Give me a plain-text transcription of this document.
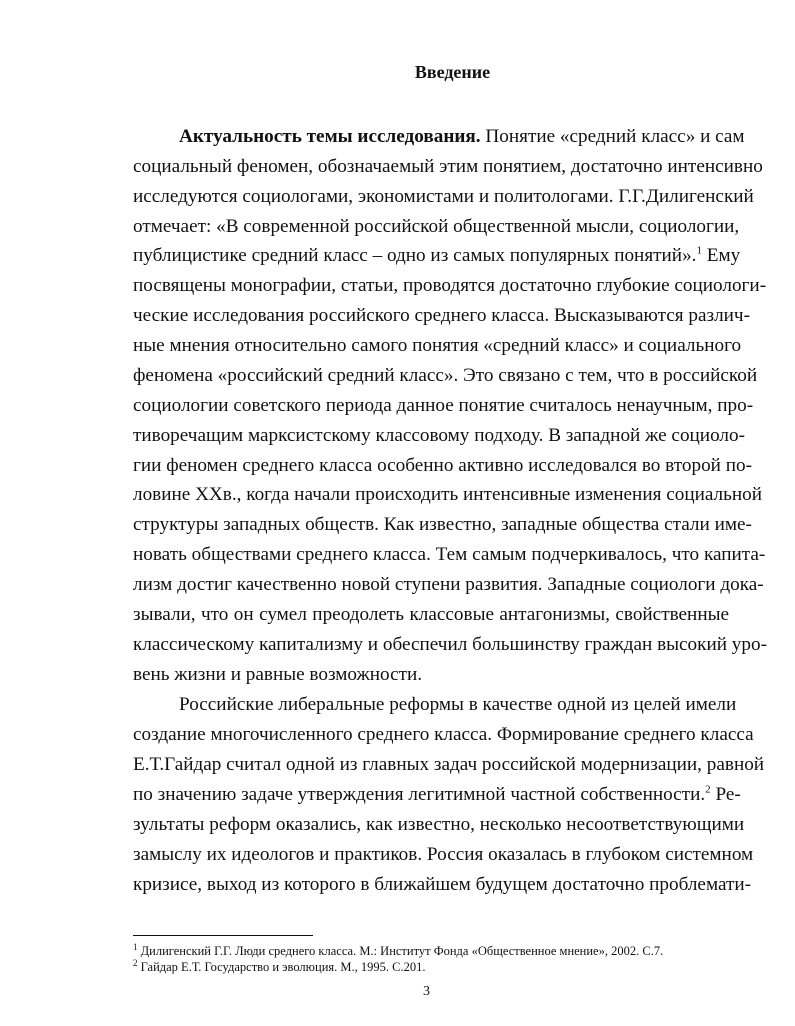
Введение
Актуальность темы исследования. Понятие «средний класс» и сам
социальный феномен, обозначаемый этим понятием, достаточно интенсивно
исследуются социологами, экономистами и политологами. Г.Г.Дилигенский
отмечает: «В современной российской общественной мысли, социологии,
публицистике средний класс – одно из самых популярных понятий».$^1$ Ему
посвящены монографии, статьи, проводятся достаточно глубокие социологи-
ческие исследования российского среднего класса. Высказываются различ-
ные мнения относительно самого понятия «средний класс» и социального
феномена «российский средний класс». Это связано с тем, что в российской
социологии советского периода данное понятие считалось ненаучным, про-
тиворечащим марксистскому классовому подходу. В западной же социоло-
гии феномен среднего класса особенно активно исследовался во второй по-
ловине ХХв., когда начали происходить интенсивные изменения социальной
структуры западных обществ. Как известно, западные общества стали име-
новать обществами среднего класса. Тем самым подчеркивалось, что капита-
лизм достиг качественно новой ступени развития. Западные социологи дока-
зывали, что он сумел преодолеть классовые антагонизмы, свойственные
классическому капитализму и обеспечил большинству граждан высокий уро-
вень жизни и равные возможности.
Российские либеральные реформы в качестве одной из целей имели
создание многочисленного среднего класса. Формирование среднего класса
Е.Т.Гайдар считал одной из главных задач российской модернизации, равной
по значению задаче утверждения легитимной частной собственности.$^2$ Ре-
зультаты реформ оказались, как известно, несколько несоответствующими
замыслу их идеологов и практиков. Россия оказалась в глубоком системном
кризисе, выход из которого в ближайшем будущем достаточно проблемати-
$^1$ Дилигенский Г.Г. Люди среднего класса. М.: Институт Фонда «Общественное мнение», 2002. С.7.
$^2$ Гайдар Е.Т. Государство и эволюция. М., 1995. С.201.
3
